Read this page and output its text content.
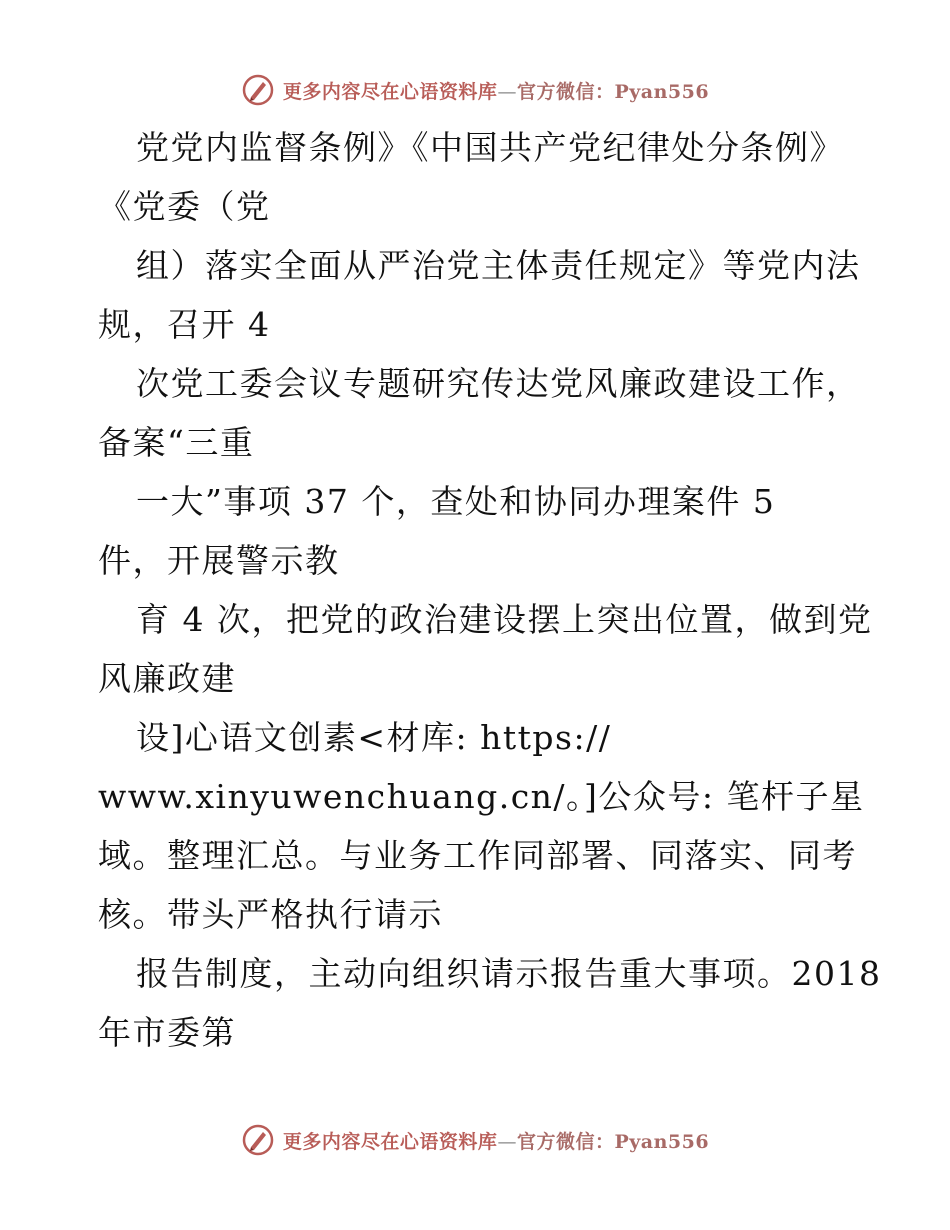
更多内容尽在心语资料库—官方微信：Pyan556
党党内监督条例》《中国共产党纪律处分条例》
《党委（党
组）落实全面从严治党主体责任规定》等党内法
规，召开 4
次党工委会议专题研究传达党风廉政建设工作，
备案“三重
一大”事项 37 个，查处和协同办理案件 5
件，开展警示教
育 4 次，把党的政治建设摆上突出位置，做到党
风廉政建
设]心语文创素<材库: https://
www.xinyuwenchuang.cn/。]公众号: 笔杆子星
域。整理汇总。与业务工作同部署、同落实、同考
核。带头严格执行请示
报告制度，主动向组织请示报告重大事项。2018
年市委第
更多内容尽在心语资料库—官方微信：Pyan556
